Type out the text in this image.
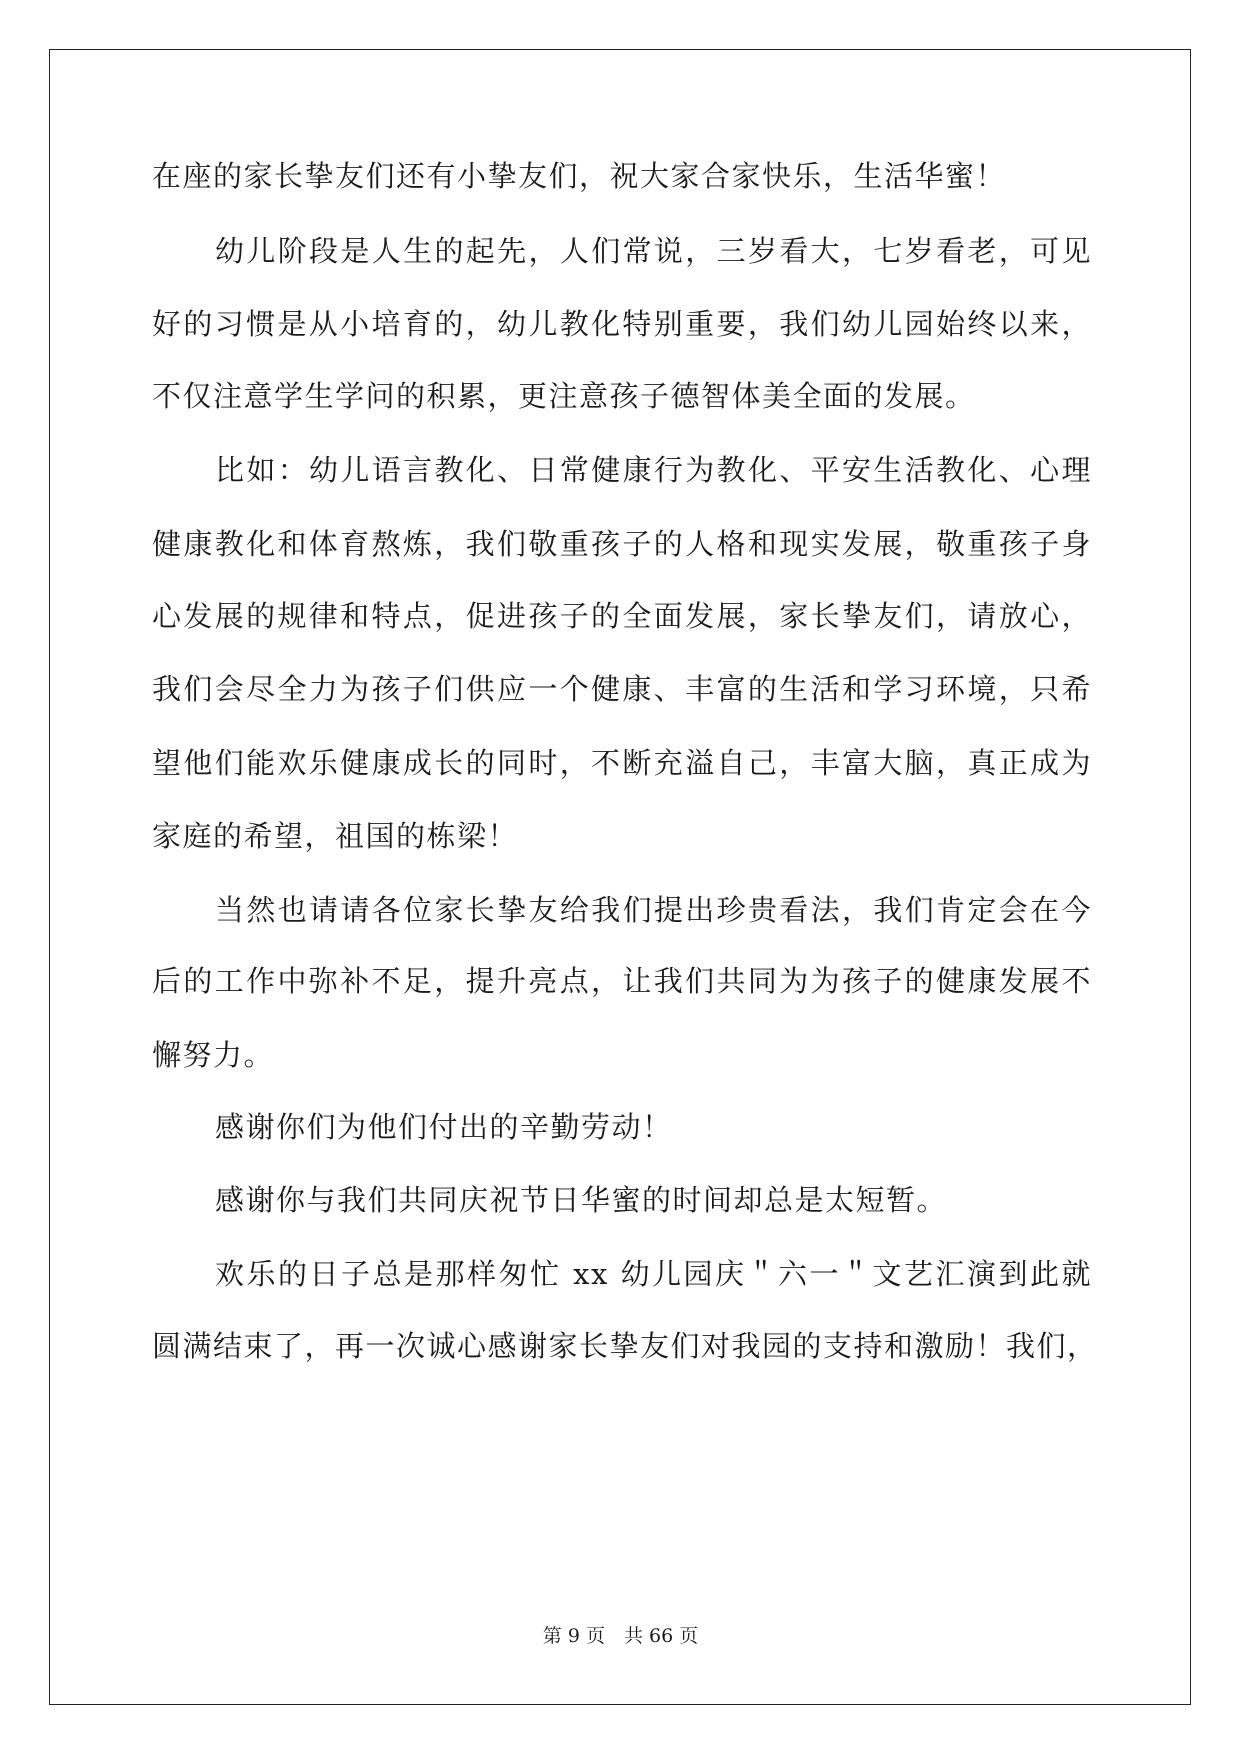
在座的家长挚友们还有小挚友们，祝大家合家快乐，生活华蜜！
幼儿阶段是人生的起先，人们常说，三岁看大，七岁看老，可见
好的习惯是从小培育的，幼儿教化特别重要，我们幼儿园始终以来，
不仅注意学生学问的积累，更注意孩子德智体美全面的发展。
比如：幼儿语言教化、日常健康行为教化、平安生活教化、心理
健康教化和体育熬炼，我们敬重孩子的人格和现实发展，敬重孩子身
心发展的规律和特点，促进孩子的全面发展，家长挚友们，请放心，
我们会尽全力为孩子们供应一个健康、丰富的生活和学习环境，只希
望他们能欢乐健康成长的同时，不断充溢自己，丰富大脑，真正成为
家庭的希望，祖国的栋梁！
当然也请请各位家长挚友给我们提出珍贵看法，我们肯定会在今
后的工作中弥补不足，提升亮点，让我们共同为为孩子的健康发展不
懈努力。
感谢你们为他们付出的辛勤劳动！
感谢你与我们共同庆祝节日华蜜的时间却总是太短暂。
欢乐的日子总是那样匆忙 xx 幼儿园庆＂六一＂文艺汇演到此就
圆满结束了，再一次诚心感谢家长挚友们对我园的支持和激励！我们，
第 9 页　共 66 页
